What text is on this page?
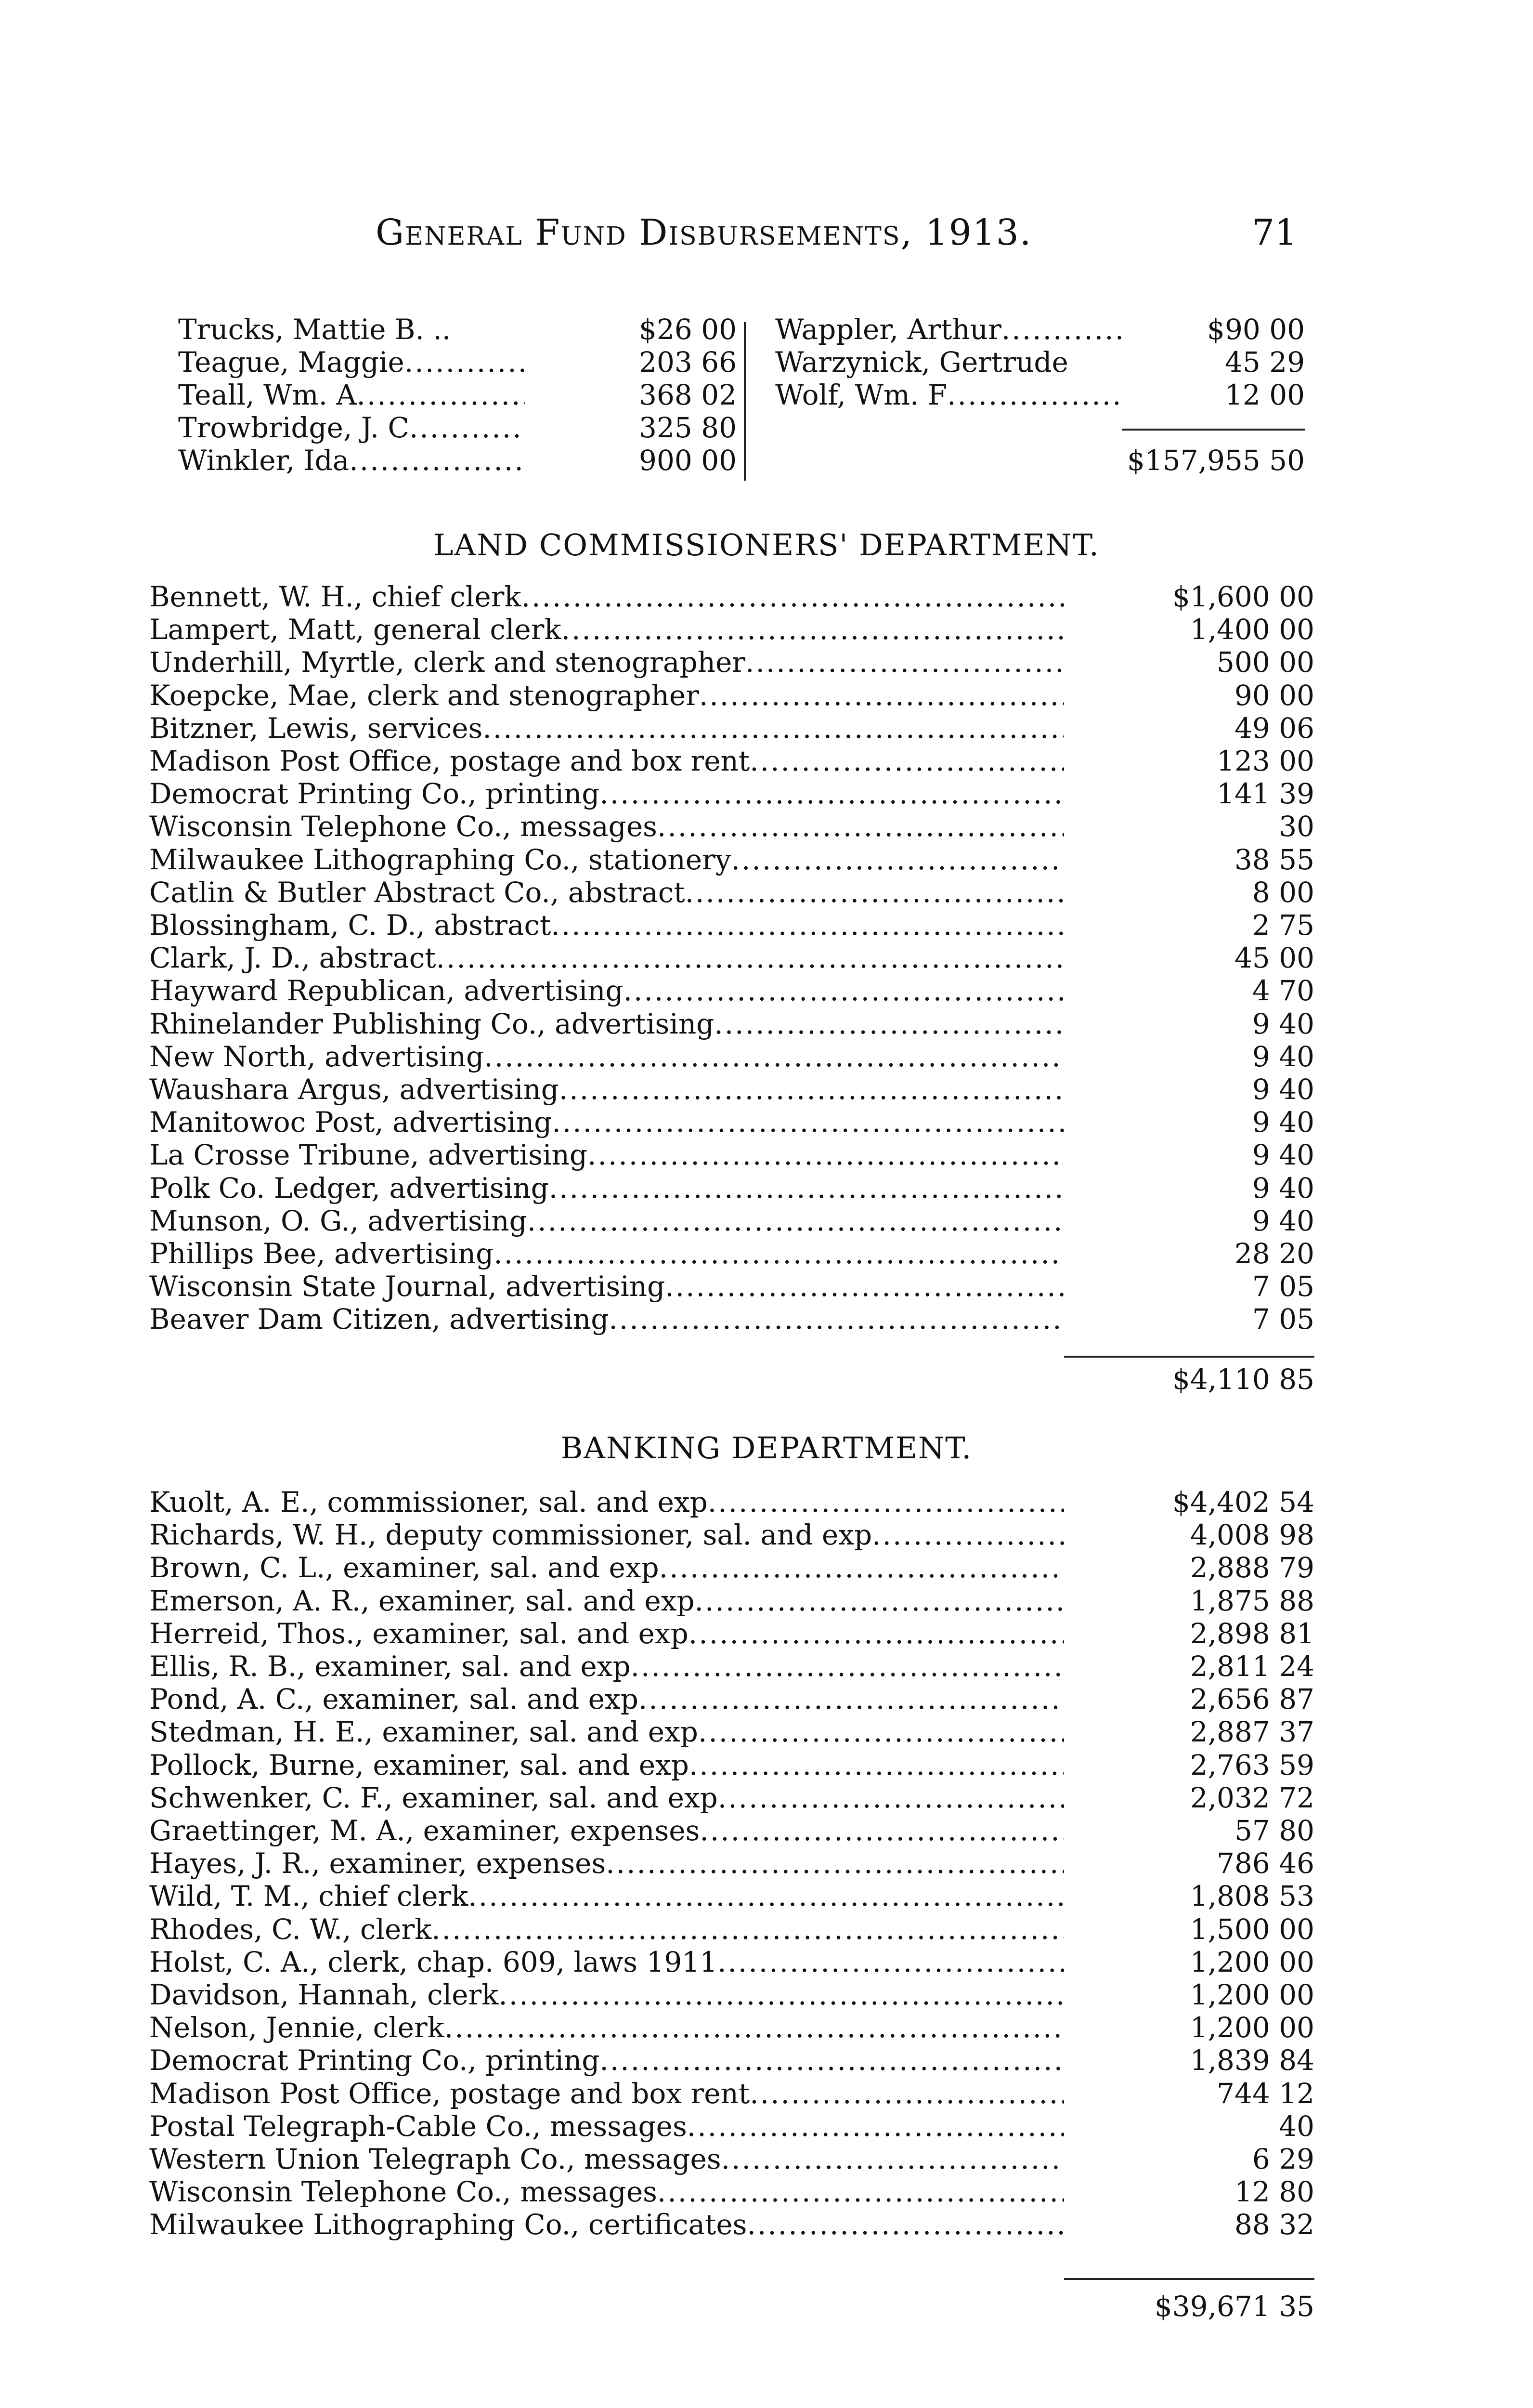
General Fund Disbursements, 1913.	71
Trucks, Mattie B. ..	$26 00
Teague, Maggie .....	203 66
Teall, Wm. A .....	368 02
Trowbridge, J. C .....	325 80
Winkler, Ida .....	900 00
Wappler, Arthur .....	$90 00
Warzynick, Gertrude	45 29
Wolf, Wm. F .....	12 00
$157,955 50
LAND COMMISSIONERS' DEPARTMENT.
Bennett, W. H., chief clerk .....	$1,600 00
Lampert, Matt, general clerk .....	1,400 00
Underhill, Myrtle, clerk and stenographer .....	500 00
Koepcke, Mae, clerk and stenographer .....	90 00
Bitzner, Lewis, services .....	49 06
Madison Post Office, postage and box rent .....	123 00
Democrat Printing Co., printing .....	141 39
Wisconsin Telephone Co., messages .....	30
Milwaukee Lithographing Co., stationery .....	38 55
Catlin & Butler Abstract Co., abstract .....	8 00
Blossingham, C. D., abstract .....	2 75
Clark, J. D., abstract .....	45 00
Hayward Republican, advertising .....	4 70
Rhinelander Publishing Co., advertising .....	9 40
New North, advertising .....	9 40
Waushara Argus, advertising .....	9 40
Manitowoc Post, advertising .....	9 40
La Crosse Tribune, advertising .....	9 40
Polk Co. Ledger, advertising .....	9 40
Munson, O. G., advertising .....	9 40
Phillips Bee, advertising .....	28 20
Wisconsin State Journal, advertising .....	7 05
Beaver Dam Citizen, advertising .....	7 05
$4,110 85
BANKING DEPARTMENT.
Kuolt, A. E., commissioner, sal. and exp .....	$4,402 54
Richards, W. H., deputy commissioner, sal. and exp .....	4,008 98
Brown, C. L., examiner, sal. and exp .....	2,888 79
Emerson, A. R., examiner, sal. and exp .....	1,875 88
Herreid, Thos., examiner, sal. and exp .....	2,898 81
Ellis, R. B., examiner, sal. and exp .....	2,811 24
Pond, A. C., examiner, sal. and exp .....	2,656 87
Stedman, H. E., examiner, sal. and exp .....	2,887 37
Pollock, Burne, examiner, sal. and exp .....	2,763 59
Schwenker, C. F., examiner, sal. and exp .....	2,032 72
Graettinger, M. A., examiner, expenses .....	57 80
Hayes, J. R., examiner, expenses .....	786 46
Wild, T. M., chief clerk .....	1,808 53
Rhodes, C. W., clerk .....	1,500 00
Holst, C. A., clerk, chap. 609, laws 1911 .....	1,200 00
Davidson, Hannah, clerk .....	1,200 00
Nelson, Jennie, clerk .....	1,200 00
Democrat Printing Co., printing .....	1,839 84
Madison Post Office, postage and box rent .....	744 12
Postal Telegraph-Cable Co., messages .....	40
Western Union Telegraph Co., messages .....	6 29
Wisconsin Telephone Co., messages .....	12 80
Milwaukee Lithographing Co., certificates .....	88 32
$39,671 35
